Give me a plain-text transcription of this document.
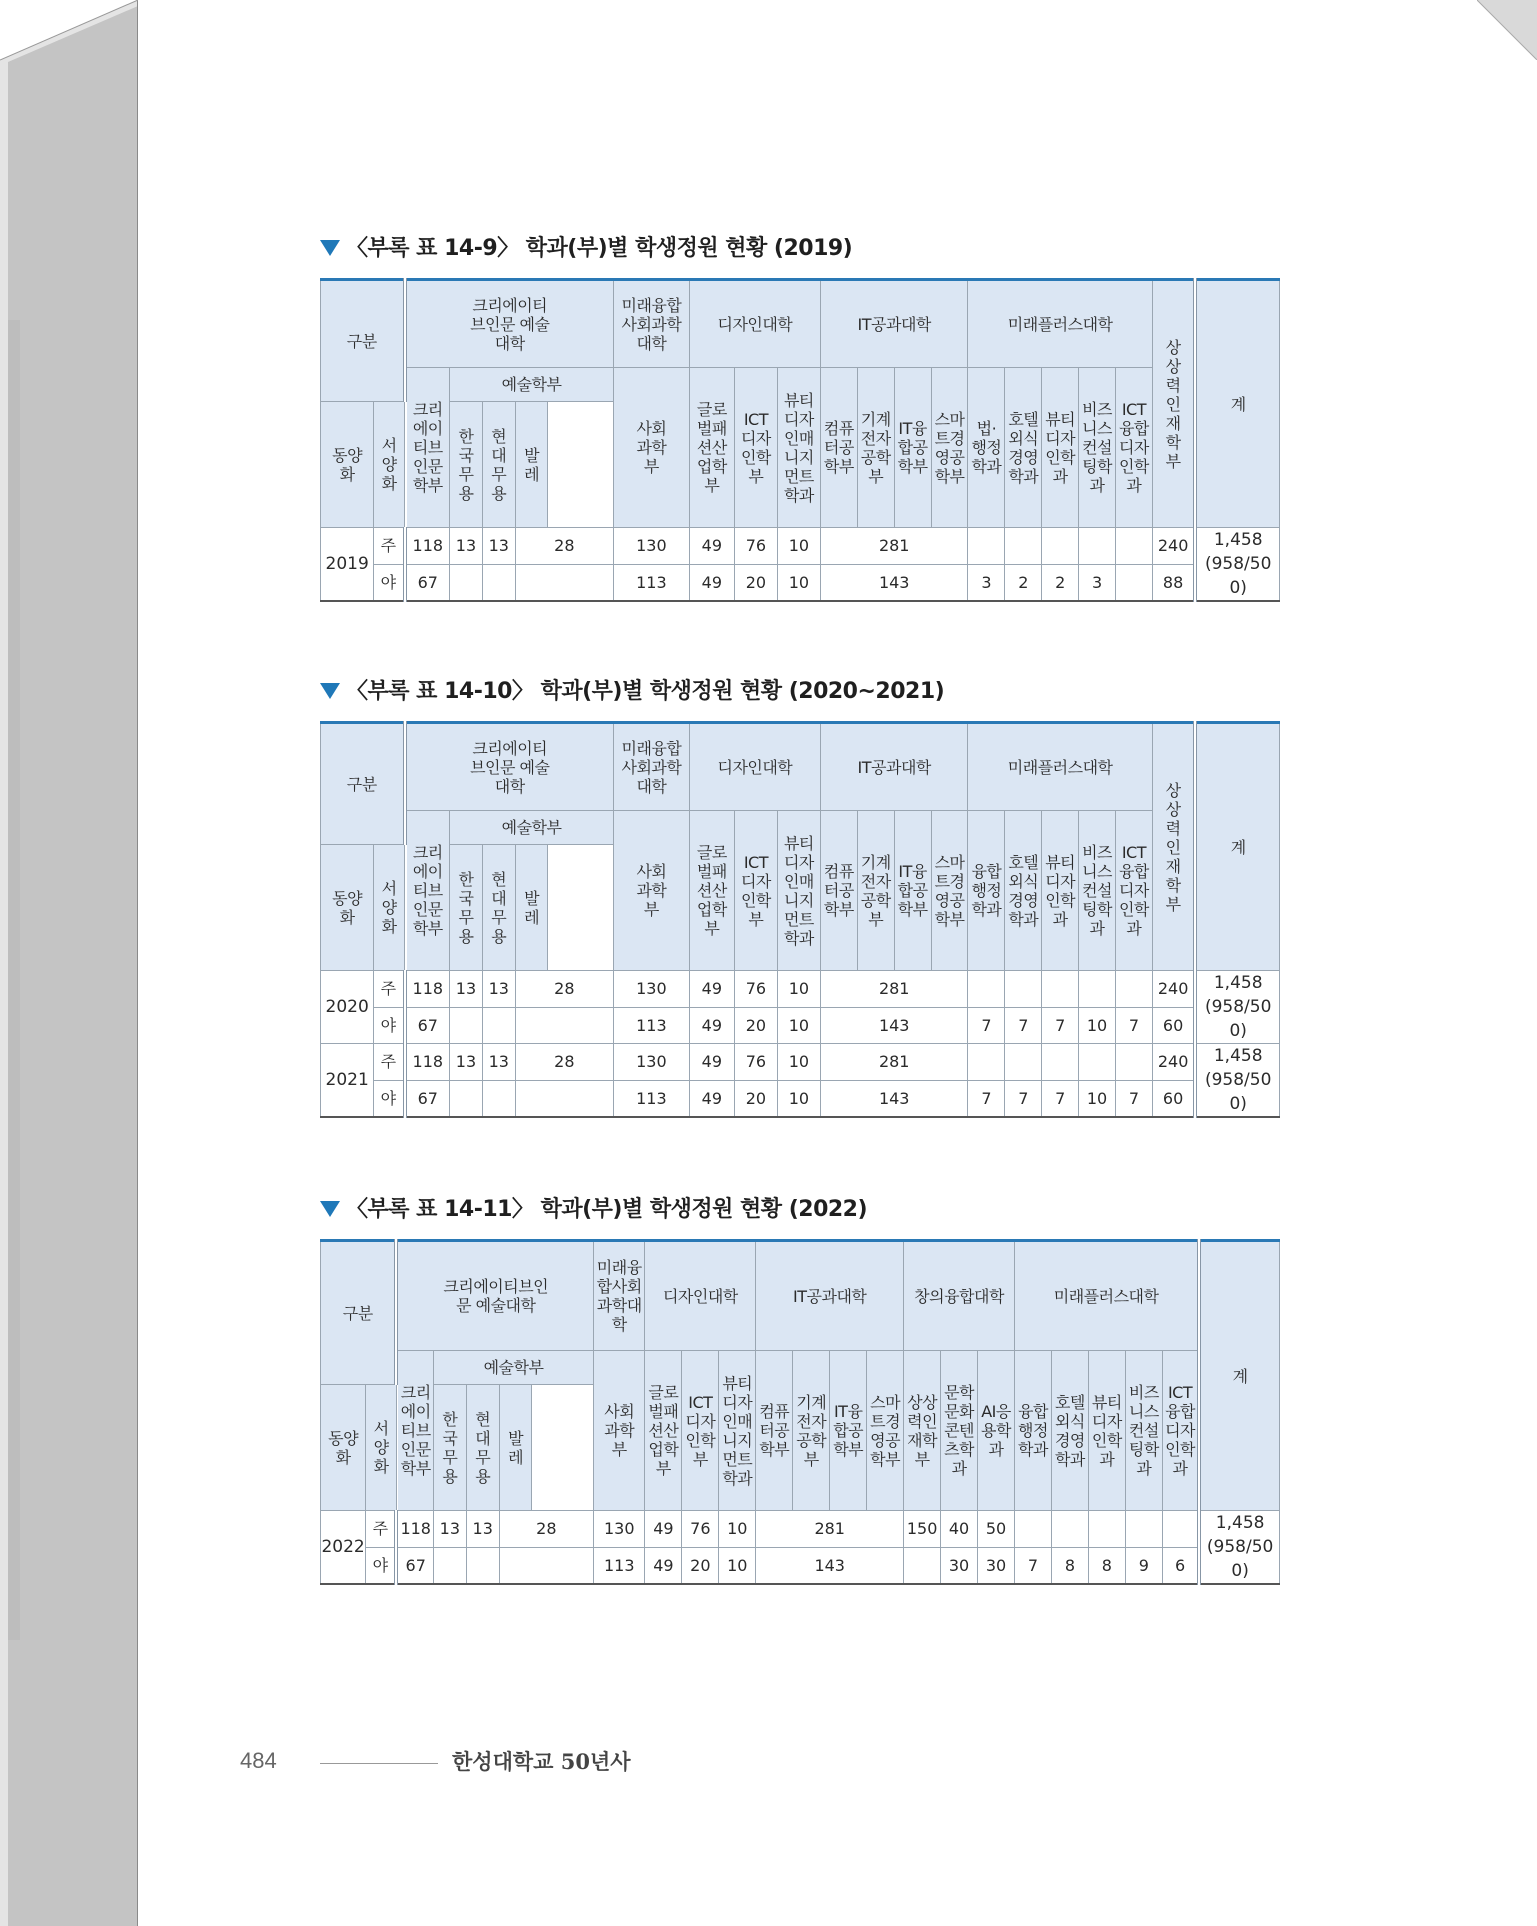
〈부록 표 14-9〉 학과(부)별 학생정원 현황 (2019)
구분		크리에이티브인문 예술대학				미래융합 사회과학 대학	디자인대학			IT공과대학				미래플러스대학					상상력인재학부	계
		크리에이티브인문학부	예술학부			사회과학부	글로벌패션산업학부	ICT디자인학부	뷰티디자인매니지먼트학과	컴퓨터공학부	기계전자공학부	IT융합공학부	스마트경영공학부	법·행정학과	호텔외식경영학과	뷰티디자인학과	비즈니스컨설팅학과	ICT융합디자인학과		
동양화	서양화		한국무용	현대무용	발레															
2019	주	118	13	13	28	130	49	76	10	281									240	1,458
(958/500)
	야	67				113	49	20	10	143				3	2	2	3		88	
〈부록 표 14-10〉 학과(부)별 학생정원 현황 (2020~2021)
구분		크리에이티브인문 예술대학				미래융합 사회과학 대학	디자인대학			IT공과대학				미래플러스대학					상상력인재학부	계
		크리에이티브인문학부	예술학부			사회과학부	글로벌패션산업학부	ICT디자인학부	뷰티디자인매니지먼트학과	컴퓨터공학부	기계전자공학부	IT융합공학부	스마트경영공학부	융합행정학과	호텔외식경영학과	뷰티디자인학과	비즈니스컨설팅학과	ICT융합디자인학과		
동양화	서양화		한국무용	현대무용	발레															
2020	주	118	13	13	28	130	49	76	10	281									240	1,458
(958/500)
	야	67				113	49	20	10	143				7	7	7	10	7	60	
2021	주	118	13	13	28	130	49	76	10	281									240	1,458
(958/500)
	야	67				113	49	20	10	143				7	7	7	10	7	60	
〈부록 표 14-11〉 학과(부)별 학생정원 현황 (2022)
구분		크리에이티브인문 예술대학				미래융합사회과학대학	디자인대학			IT공과대학				창의융합대학			미래플러스대학					계
		크리에이티브인문학부	예술학부			사회과학부	글로벌패션산업학부	ICT디자인학부	뷰티디자인매니지먼트학과	컴퓨터공학부	기계전자공학부	IT융합공학부	스마트경영공학부	상상력인재학부	문학문화콘텐츠학과	AI응용학과	융합행정학과	호텔외식경영학과	뷰티디자인학과	비즈니스컨설팅학과	ICT융합디자인학과	
동양화	서양화		한국무용	현대무용	발레																	
2022	주	118	13	13	28	130	49	76	10	281				150	40	50						1,458
(958/500)
	야	67				113	49	20	10	143					30	30	7	8	8	9	6	
484	한성대학교 50년사
